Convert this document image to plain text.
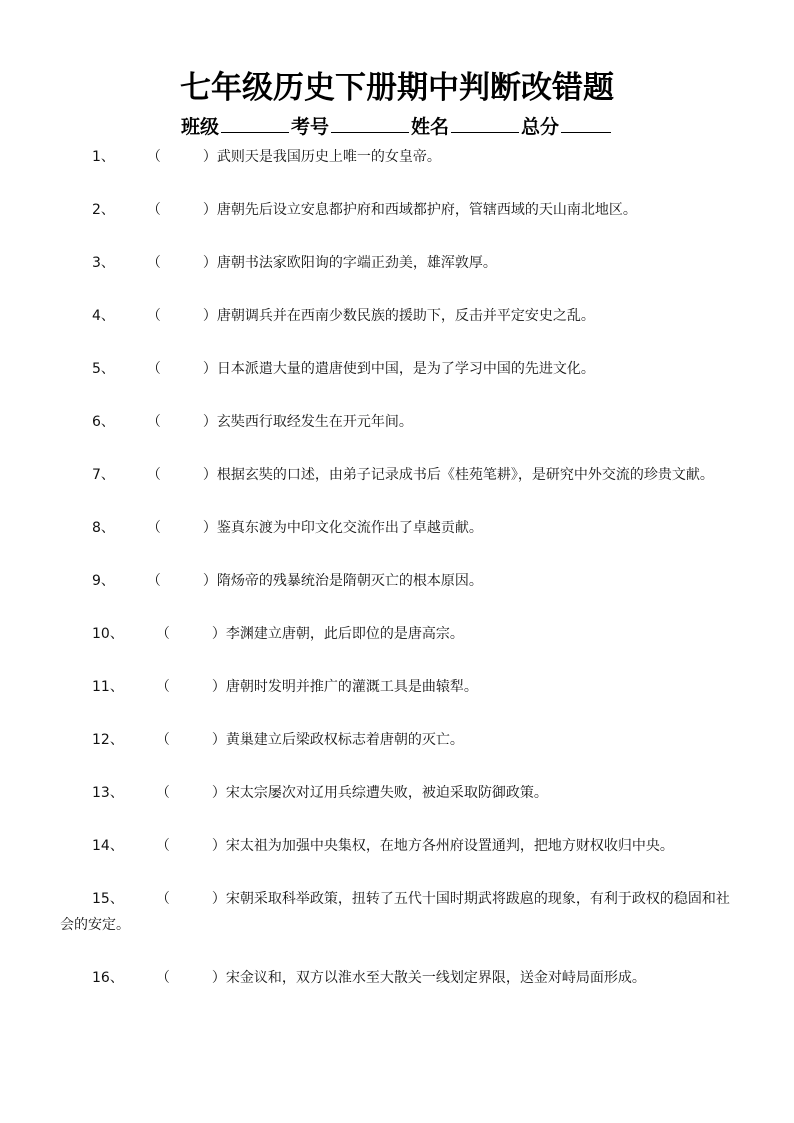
七年级历史下册期中判断改错题
班级	考号	姓名	总分

1、 （　　　）武则天是我国历史上唯一的女皇帝。

2、 （　　　）唐朝先后设立安息都护府和西域都护府，管辖西域的天山南北地区。

3、 （　　　）唐朝书法家欧阳询的字端正劲美，雄浑敦厚。

4、 （　　　）唐朝调兵并在西南少数民族的援助下，反击并平定安史之乱。

5、 （　　　）日本派遣大量的遣唐使到中国，是为了学习中国的先进文化。

6、 （　　　）玄奘西行取经发生在开元年间。

7、 （　　　）根据玄奘的口述，由弟子记录成书后《桂苑笔耕》，是研究中外交流的珍贵文献。

8、 （　　　）鉴真东渡为中印文化交流作出了卓越贡献。

9、 （　　　）隋炀帝的残暴统治是隋朝灭亡的根本原因。

10、 （　　　）李渊建立唐朝，此后即位的是唐高宗。

11、 （　　　）唐朝时发明并推广的灌溉工具是曲辕犁。

12、 （　　　）黄巢建立后梁政权标志着唐朝的灭亡。

13、 （　　　）宋太宗屡次对辽用兵综遭失败，被迫采取防御政策。

14、 （　　　）宋太祖为加强中央集权，在地方各州府设置通判，把地方财权收归中央。

15、 （　　　）宋朝采取科举政策，扭转了五代十国时期武将跋扈的现象，有利于政权的稳固和社会的安定。

16、 （　　　）宋金议和，双方以淮水至大散关一线划定界限，送金对峙局面形成。
